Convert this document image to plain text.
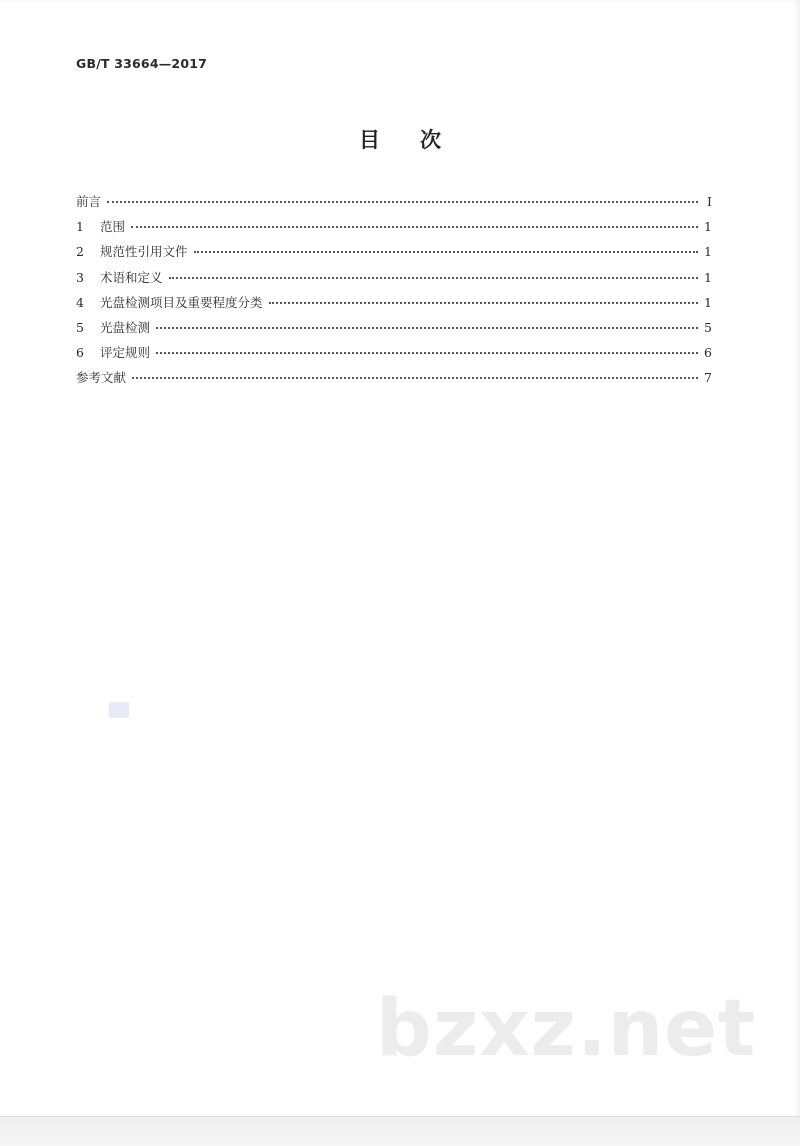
GB/T 33664—2017
目次
前言	I
1	范围	1
2	规范性引用文件	1
3	术语和定义	1
4	光盘检测项目及重要程度分类	1
5	光盘检测	5
6	评定规则	6
参考文献	7
bzxz.net
